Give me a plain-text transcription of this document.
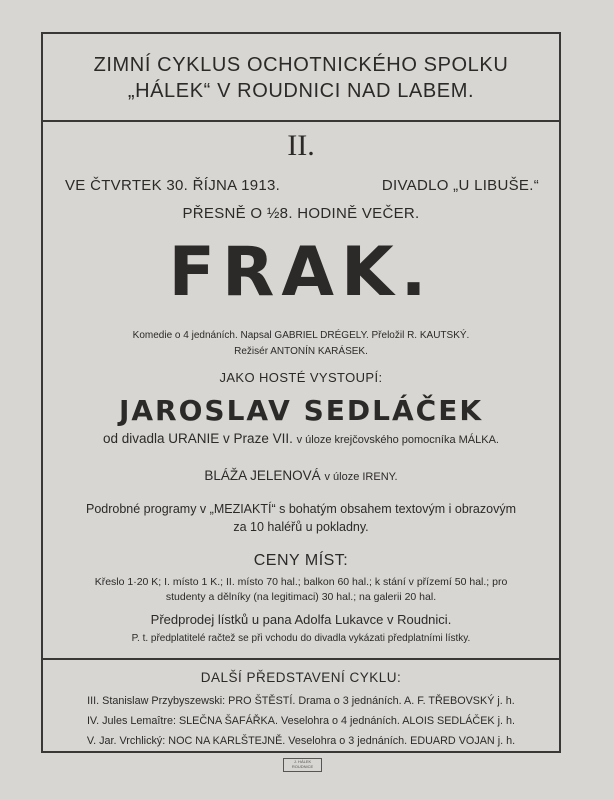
ZIMNÍ CYKLUS OCHOTNICKÉHO SPOLKU
„HÁLEK“ V ROUDNICI NAD LABEM.
II.
VE ČTVRTEK 30. ŘÍJNA 1913.	DIVADLO „U LIBUŠE.“
PŘESNĚ O ½8. HODINĚ VEČER.
FRAK.
Komedie o 4 jednáních. Napsal GABRIEL DRÉGELY. Přeložil R. KAUTSKÝ.
Režisér ANTONÍN KARÁSEK.
JAKO HOSTÉ VYSTOUPÍ:
JAROSLAV SEDLÁČEK
od divadla URANIE v Praze VII. v úloze krejčovského pomocníka MÁLKA.
BLÁŽA JELENOVÁ v úloze IRENY.
Podrobné programy v „MEZIAKTÍ“ s bohatým obsahem textovým i obrazovým
za 10 haléřů u pokladny.
CENY MÍST:
Křeslo 1·20 K; I. místo 1 K.; II. místo 70 hal.; balkon 60 hal.; k stání v přízemí 50 hal.; pro
studenty a dělníky (na legitimaci) 30 hal.; na galerii 20 hal.
Předprodej lístků u pana Adolfa Lukavce v Roudnici.
P. t. předplatitelé račtež se při vchodu do divadla vykázati předplatními lístky.
DALŠÍ PŘEDSTAVENÍ CYKLU:
III. Stanislaw Przybyszewski: PRO ŠTĚSTÍ. Drama o 3 jednáních. A. F. TŘEBOVSKÝ j. h.
IV. Jules Lemaître: SLEČNA ŠAFÁŘKA. Veselohra o 4 jednáních. ALOIS SEDLÁČEK j. h.
V. Jar. Vrchlický: NOC NA KARLŠTEJNĚ. Veselohra o 3 jednáních. EDUARD VOJAN j. h.
J. HÁLEK
ROUDNICE
